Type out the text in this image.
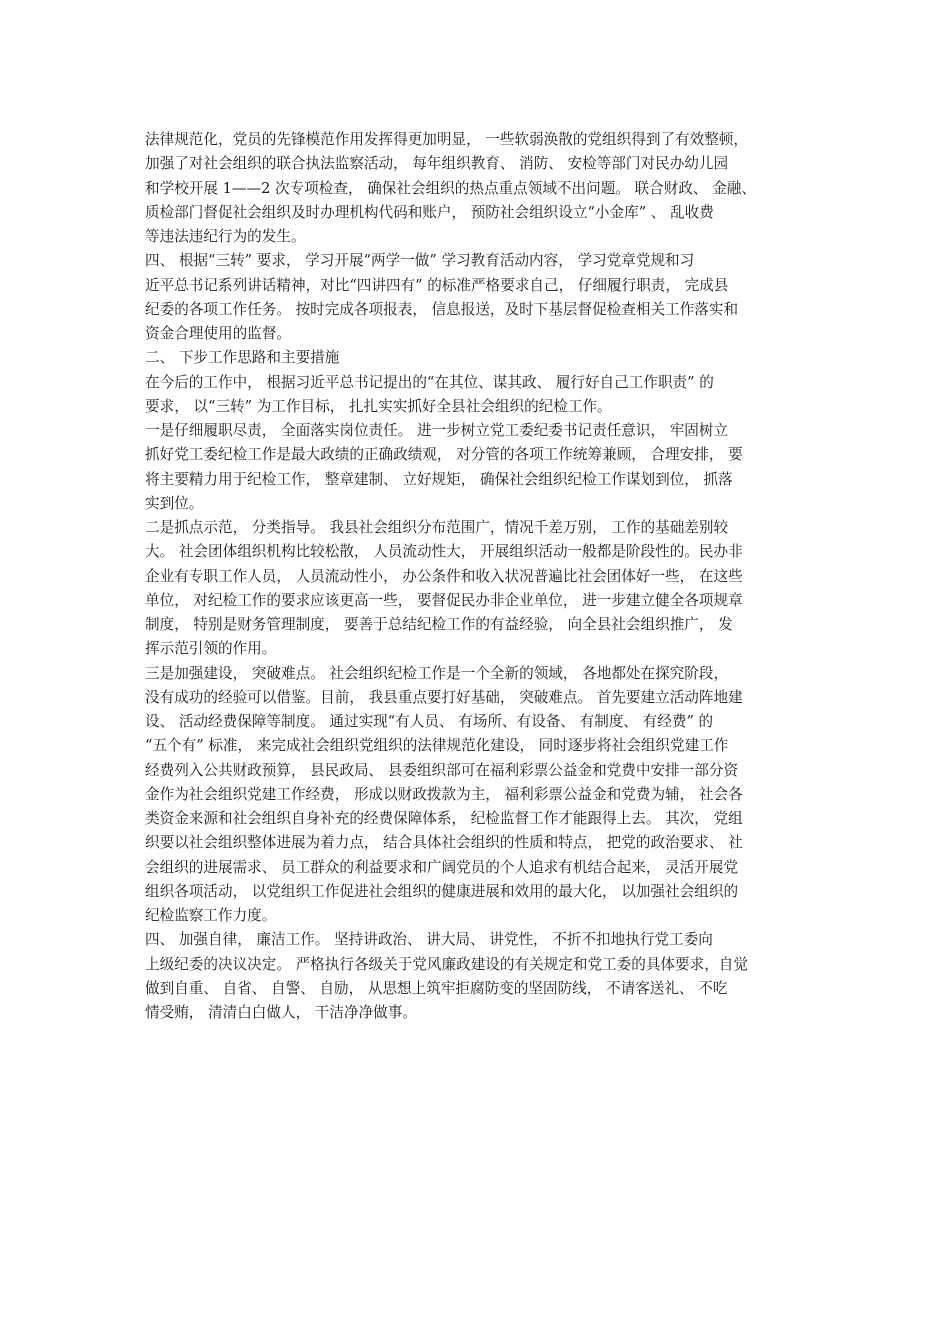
法律规范化，党员的先锋模范作用发挥得更加明显， 一些软弱涣散的党组织得到了有效整顿，
加强了对社会组织的联合执法监察活动， 每年组织教育、 消防、 安检等部门对民办幼儿园
和学校开展 1——2 次专项检查， 确保社会组织的热点重点领域不出问题。 联合财政、 金融、
质检部门督促社会组织及时办理机构代码和账户， 预防社会组织设立“小金库” 、 乱收费
等违法违纪行为的发生。
四、 根据“三转” 要求， 学习开展“两学一做” 学习教育活动内容， 学习党章党规和习
近平总书记系列讲话精神，对比“四讲四有” 的标准严格要求自己， 仔细履行职责， 完成县
纪委的各项工作任务。 按时完成各项报表， 信息报送，及时下基层督促检查相关工作落实和
资金合理使用的监督。
二、 下步工作思路和主要措施
在今后的工作中， 根据习近平总书记提出的“在其位、谋其政、 履行好自己工作职责” 的
要求， 以“三转” 为工作目标， 扎扎实实抓好全县社会组织的纪检工作。
一是仔细履职尽责， 全面落实岗位责任。 进一步树立党工委纪委书记责任意识， 牢固树立
抓好党工委纪检工作是最大政绩的正确政绩观， 对分管的各项工作统筹兼顾， 合理安排， 要
将主要精力用于纪检工作， 整章建制、 立好规矩， 确保社会组织纪检工作谋划到位， 抓落
实到位。
二是抓点示范， 分类指导。 我县社会组织分布范围广，情况千差万别， 工作的基础差别较
大。 社会团体组织机构比较松散， 人员流动性大， 开展组织活动一般都是阶段性的。民办非
企业有专职工作人员， 人员流动性小， 办公条件和收入状况普遍比社会团体好一些， 在这些
单位， 对纪检工作的要求应该更高一些， 要督促民办非企业单位， 进一步建立健全各项规章
制度， 特别是财务管理制度， 要善于总结纪检工作的有益经验， 向全县社会组织推广， 发
挥示范引领的作用。
三是加强建设， 突破难点。 社会组织纪检工作是一个全新的领域， 各地都处在探究阶段，
没有成功的经验可以借鉴。目前， 我县重点要打好基础， 突破难点。 首先要建立活动阵地建
设、 活动经费保障等制度。 通过实现“有人员、 有场所、有设备、 有制度、 有经费” 的
“五个有” 标准， 来完成社会组织党组织的法律规范化建设， 同时逐步将社会组织党建工作
经费列入公共财政预算， 县民政局、 县委组织部可在福利彩票公益金和党费中安排一部分资
金作为社会组织党建工作经费， 形成以财政拨款为主， 福利彩票公益金和党费为辅， 社会各
类资金来源和社会组织自身补充的经费保障体系， 纪检监督工作才能跟得上去。 其次， 党组
织要以社会组织整体进展为着力点， 结合具体社会组织的性质和特点， 把党的政治要求、 社
会组织的进展需求、 员工群众的利益要求和广阔党员的个人追求有机结合起来， 灵活开展党
组织各项活动， 以党组织工作促进社会组织的健康进展和效用的最大化， 以加强社会组织的
纪检监察工作力度。
四、 加强自律， 廉洁工作。 坚持讲政治、 讲大局、 讲党性， 不折不扣地执行党工委向
上级纪委的决议决定。 严格执行各级关于党风廉政建设的有关规定和党工委的具体要求，自觉
做到自重、 自省、 自警、 自励， 从思想上筑牢拒腐防变的坚固防线， 不请客送礼、 不吃
情受贿， 清清白白做人， 干洁净净做事。
